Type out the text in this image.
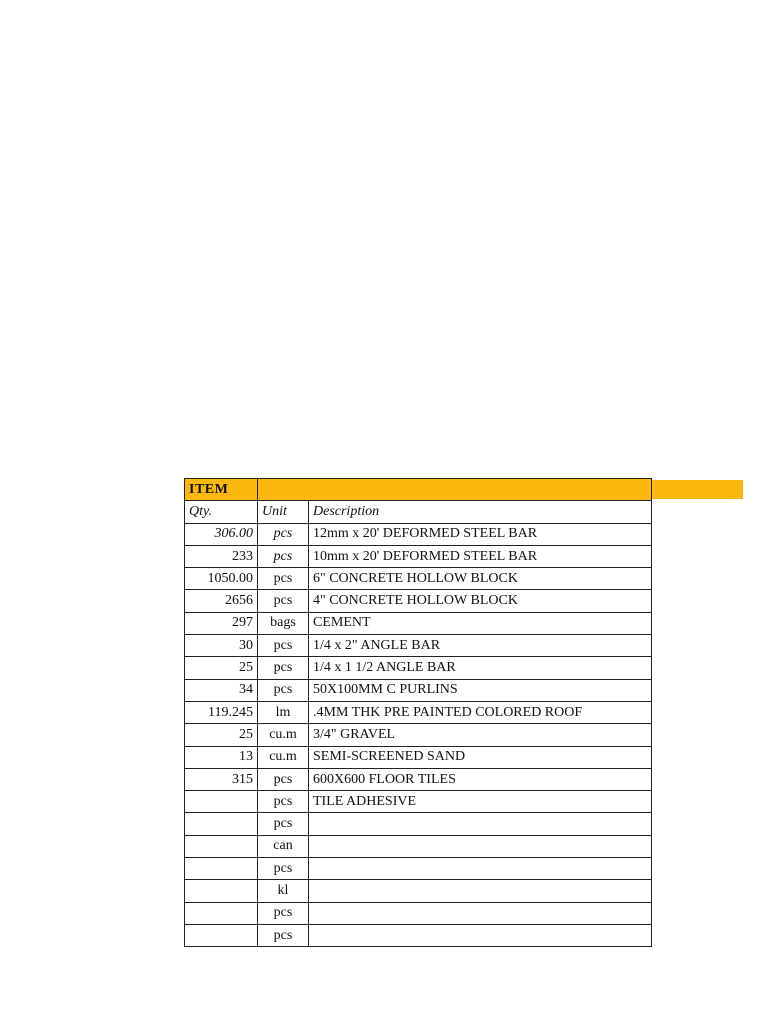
ITEM		
Qty.	Unit	Description
306.00	pcs	12mm x 20' DEFORMED STEEL BAR
233	pcs	10mm x 20' DEFORMED STEEL BAR
1050.00	pcs	6" CONCRETE HOLLOW BLOCK
2656	pcs	4" CONCRETE HOLLOW BLOCK
297	bags	CEMENT
30	pcs	1/4 x 2" ANGLE BAR
25	pcs	1/4 x 1 1/2 ANGLE BAR
34	pcs	50X100MM C PURLINS
119.245	lm	.4MM THK PRE PAINTED COLORED ROOF
25	cu.m	3/4" GRAVEL
13	cu.m	SEMI-SCREENED SAND
315	pcs	600X600 FLOOR TILES
	pcs	TILE ADHESIVE
	pcs	
	can	
	pcs	
	kl	
	pcs	
	pcs	
